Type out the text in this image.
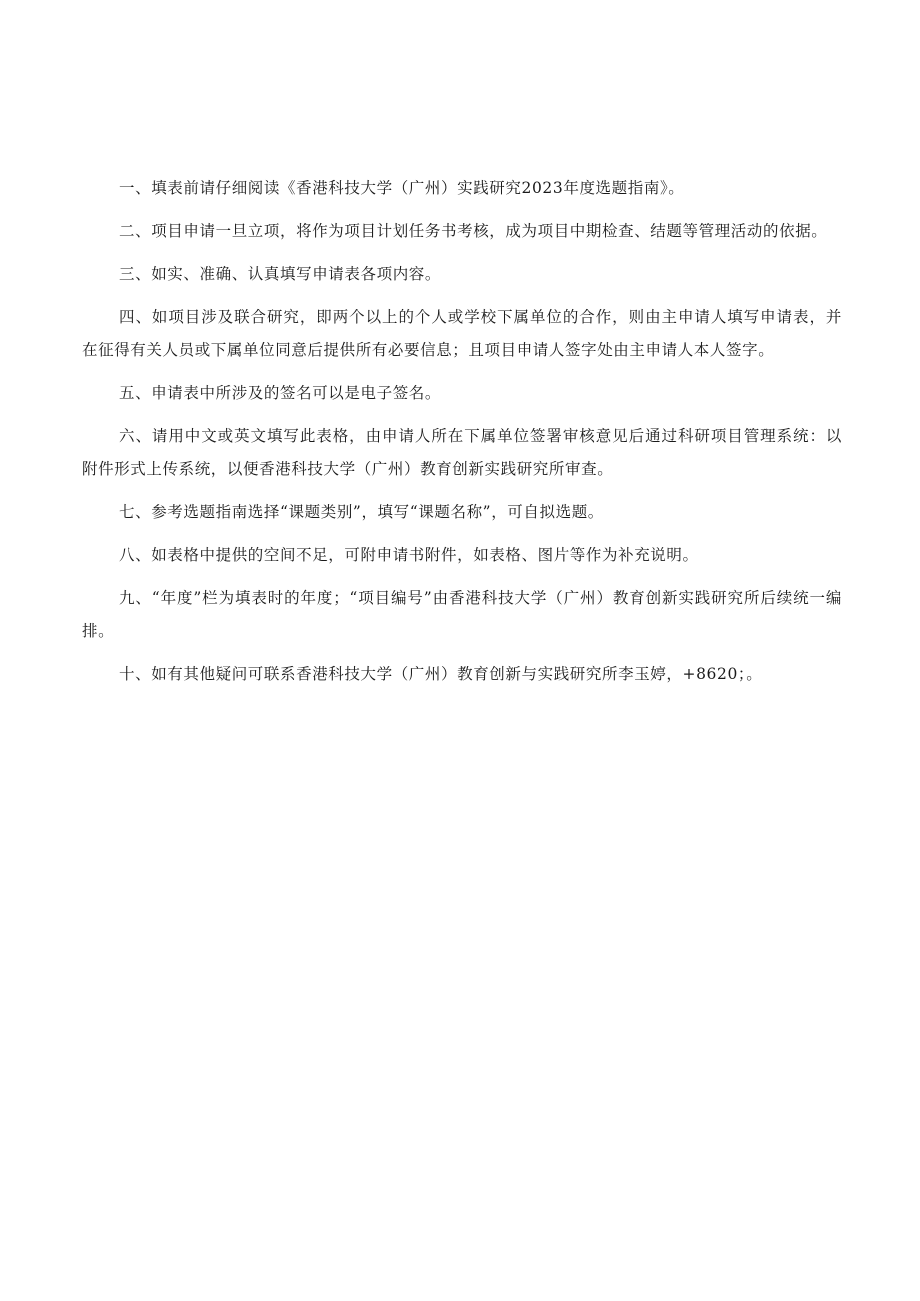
一、填表前请仔细阅读《香港科技大学（广州）实践研究2023年度选题指南》。

二、项目申请一旦立项，将作为项目计划任务书考核，成为项目中期检查、结题等管理活动的依据。

三、如实、准确、认真填写申请表各项内容。

四、如项目涉及联合研究，即两个以上的个人或学校下属单位的合作，则由主申请人填写申请表，并在征得有关人员或下属单位同意后提供所有必要信息；且项目申请人签字处由主申请人本人签字。

五、申请表中所涉及的签名可以是电子签名。

六、请用中文或英文填写此表格，由申请人所在下属单位签署审核意见后通过科研项目管理系统：以附件形式上传系统，以便香港科技大学（广州）教育创新实践研究所审查。

七、参考选题指南选择“课题类别”，填写“课题名称”，可自拟选题。

八、如表格中提供的空间不足，可附申请书附件，如表格、图片等作为补充说明。

九、“年度”栏为填表时的年度；“项目编号”由香港科技大学（广州）教育创新实践研究所后续统一编排。

十、如有其他疑问可联系香港科技大学（广州）教育创新与实践研究所李玉婷，+8620；。
